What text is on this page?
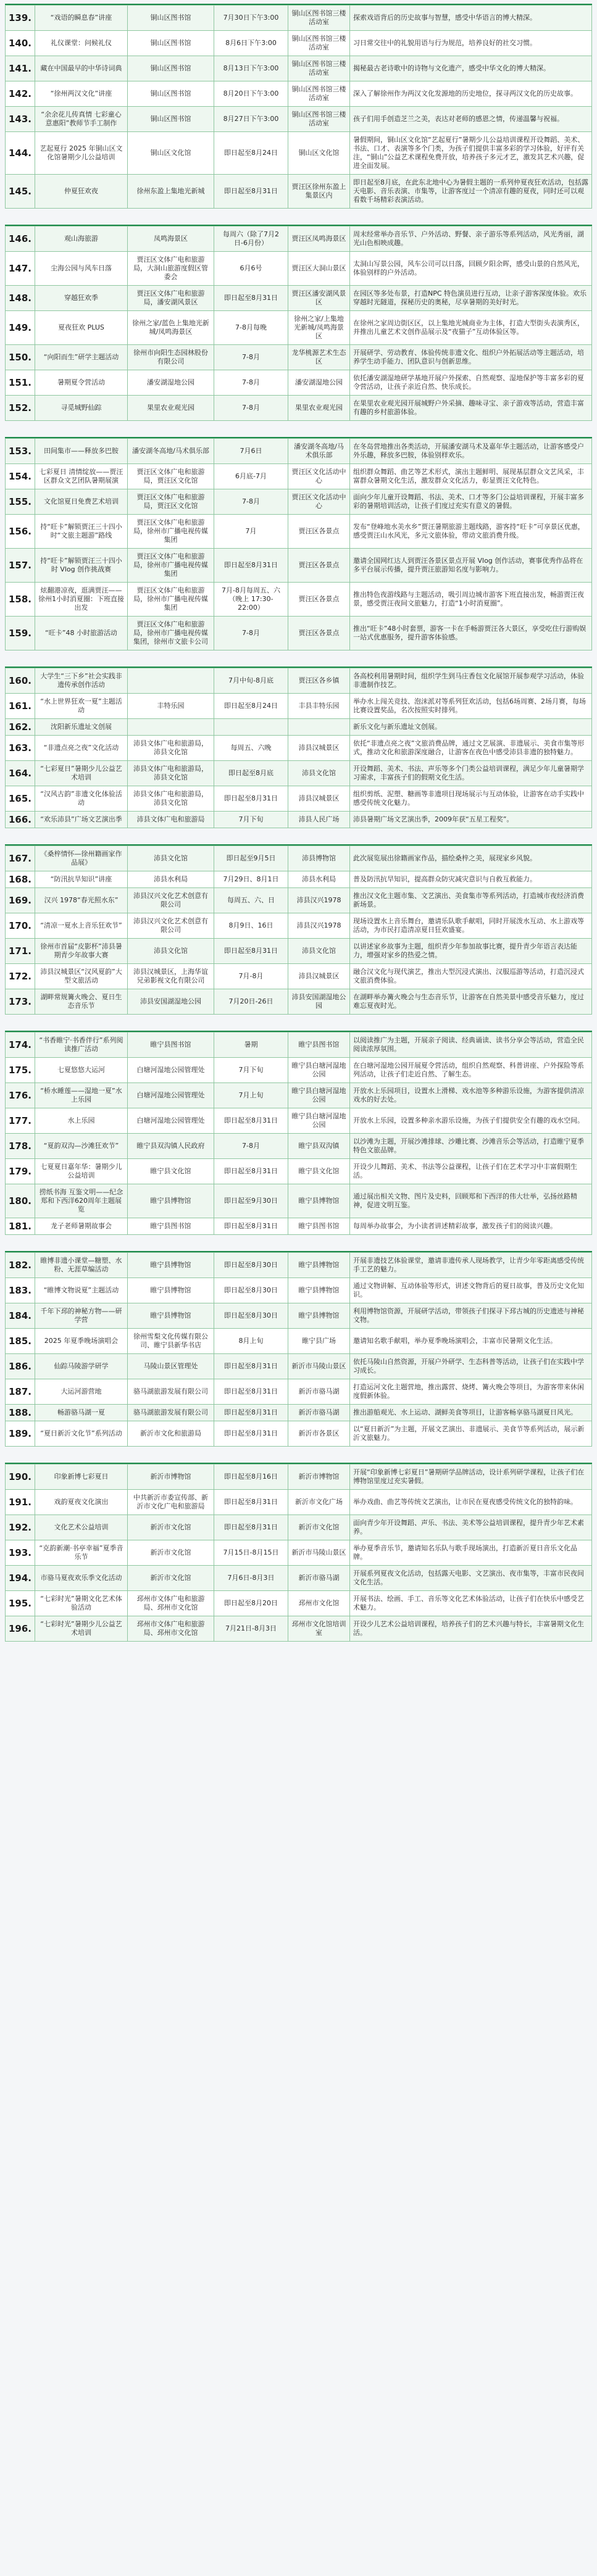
139.	“戏语的瞬息春”讲座	铜山区图书馆	7月30日下午3:00	铜山区图书馆三楼活动室	探索戏语背后的历史故事与智慧，感受中华语言的博大精深。
140.	礼仪课堂：问候礼仪	铜山区图书馆	8月6日下午3:00	铜山区图书馆三楼活动室	习日常交往中的礼貌用语与行为规范，培养良好的社交习惯。
141.	藏在中国最早的中华诗词典	铜山区图书馆	8月13日下午3:00	铜山区图书馆三楼活动室	揭秘最古老诗歌中的诗物与文化遗产，感受中华文化的博大精深。
142.	“徐州两汉文化”讲座	铜山区图书馆	8月20日下午3:00	铜山区图书馆三楼活动室	深入了解徐州作为两汉文化发源地的历史地位，探寻两汉文化的历史故事。
143.	“余余花儿传真情 七彩童心意惠阳”教师节手工制作	铜山区图书馆	8月27日下午3:00	铜山区图书馆三楼活动室	孩子们用手创造芝兰之美，表达对老师的感恩之情，传递温馨与祝福。
144.	艺起夏行 2025 年铜山区文化馆暑期少儿公益培训	铜山区文化馆	即日起至8月24日	铜山区文化馆	暑假期间，铜山区文化馆“艺起夏行”暑期少儿公益培训课程开设舞蹈、美术、书法、口才、表演等多个门类，为孩子们提供丰富多彩的学习体验，好评有关注，“铜山”公益艺术课程免费开放，培养孩子多元才艺，激发其艺术兴趣，促进全面发展。
145.	仲夏狂欢夜	徐州东盈上集地光新城	即日起至8月31日	贾汪区徐州东盈上集景区内	即日起至8月底，在此东北地中心为暑假主题的一系列仲夏夜狂欢活动，包括露天电影、音乐表演、市集等，让游客度过一个清凉有趣的夏夜，同时还可以观看数千场精彩表演活动。
146.	观山海旅游	凤鸣海景区	每周六（除了7月2日-6月份）	贾汪区凤鸣海景区	周末经常举办音乐节、户外活动、野餐、亲子游乐等系列活动，风光秀丽，湖光山色相映成趣。
147.	尘海公园与风车日落	贾汪区文体广电和旅游局，大洞山旅游度假区管委会	6月6号	贾汪区大洞山景区	太洞山写景公园，风车公司可以日落，回顾夕阳余晖，感受山景的自然风光，体验别样的户外活动。
148.	穿越狂欢季	贾汪区文体广电和旅游局，潘安湖风景区	即日起至8月31日	贾汪区潘安湖风景区	在园区等多处布景，打造NPC 特色演员进行互动，让亲子游客深度体验。欢乐穿越时光隧道，探秘历史的奥秘，尽享暑期的美好时光。
149.	夏夜狂欢 PLUS	徐州之家/蓝色上集地光新城/凤鸣海景区	7-8月每晚	徐州之家/上集地光新城/凤鸣海景区	在徐州之家周边街区区，以上集地光城商业为主体，打造大型街头表演秀区，并推出儿童艺术文创作品展示及“夜猫子”互动体验区等。
150.	“向阳而生”研学主题活动	徐州市向阳生态园林股份有限公司	7-8月	龙华桃源艺术生态区	开展研学、劳动教育、体验传统非遗文化、组织户外拓展活动等主题活动，培养学生动手能力、团队意识与创新思维。
151.	暑期夏令营活动	潘安湖湿地公园	7-8月	潘安湖湿地公园	依托潘安湖湿地研学基地开展户外探索、自然观察、湿地保护等丰富多彩的夏令营活动，让孩子亲近自然、快乐成长。
152.	寻觅城野仙踪	果里农业观光园	7-8月	果里农业观光园	在果里农业观光园开展城野户外采摘、趣味寻宝、亲子游戏等活动，营造丰富有趣的乡村旅游体验。
153.	田间集市——释放多巴胺	潘安湖冬高地/马术俱乐部	7月6日	潘安湖冬高地/马术俱乐部	在冬岛营地推出各类活动，开展潘安湖马术及嘉年华主题活动，让游客感受户外乐趣，释放多巴胺，体验别样欢乐。
154.	七彩夏日 清情绽放——贾汪区群众文艺团队暑期展演	贾汪区文体广电和旅游局，贾汪区文化馆	6月底-7月	贾汪区文化活动中心	组织群众舞蹈、曲艺等艺术形式，演出主题鲜明、展现基层群众文艺风采，丰富群众暑期文化生活，激发群众文化活力，彰显贾汪文化特色。
155.	文化馆夏日免费艺术培训	贾汪区文体广电和旅游局，贾汪区文化馆	7-8月	贾汪区文化活动中心	面向少年儿童开设舞蹈、书法、美术、口才等多门公益培训课程，开展丰富多彩的暑期培训活动，让孩子们度过充实有意义的暑假。
156.	持“旺卡”解锁贾汪三十四小时“文旅主题游”路线	贾汪区文体广电和旅游局，徐州市广播电视传媒集团	7月	贾汪区各景点	发布“登峰地水美水乡”贾汪暑期旅游主题线路，游客持“旺卡”可享景区优惠，感受贾汪山水风光，多元文旅体验，带动文旅消费升级。
157.	持“旺卡”解锁贾汪三十四小时 Vlog 创作挑战赛	贾汪区文体广电和旅游局，徐州市广播电视传媒集团	即日起至8月31日	贾汪区各景点	邀请全国网红达人到贾汪各景区景点开展 Vlog 创作活动，赛事优秀作品将在多平台展示传播，提升贾汪旅游知名度与影响力。
158.	炫翻港凉夜，逛满贾汪——徐州1小时消夏圈：下班直接出发	贾汪区文体广电和旅游局，徐州市广播电视传媒集团	7月-8月每周五、六（晚上 17:30-22:00）	贾汪区各景点	推出特色夜游线路与主题活动，吸引周边城市游客下班直接出发，畅游贾汪夜景，感受贾汪夜间文旅魅力，打造“1小时消夏圈”。
159.	“旺卡”48 小时旅游活动	贾汪区文体广电和旅游局，徐州市广播电视传媒集团，徐州市文旅卡公司	7-8月	贾汪区各景点	推出“旺卡”48小时套票，游客一卡在手畅游贾汪各大景区，享受吃住行游购娱一站式优惠服务，提升游客体验感。
160.	大学生“三下乡”社会实践非遗传承创作活动		7月中旬-8月底	贾汪区各乡镇	各高校利用暑期时间，组织学生到马庄香包文化展馆开展参观学习活动，体验非遗制作技艺。
161.	“水上世界狂欢一夏”主题活动	丰特乐园	即日起至8月24日	丰县丰特乐园	举办水上闯关竞技、泡沫派对等系列狂欢活动，包括6场周赛、2场月赛，每场比赛设置奖品，名次按照实时排列。
162.	沈阳新乐遗址文创展				新乐文化与新乐遗址文创展。
163.	“非遗点亮之夜”文化活动	沛县文体广电和旅游局，沛县文化馆	每周五、六晚	沛县汉城景区	依托“非遗点亮之夜”文旅消费品牌，通过文艺展演、非遗展示、美食市集等形式，推动文化和旅游深度融合，让游客在夜色中感受沛县非遗的独特魅力。
164.	“七彩夏日”暑期少儿公益艺术培训	沛县文体广电和旅游局，沛县文化馆	即日起至8月底	沛县文化馆	开设舞蹈、美术、书法、声乐等多个门类公益培训课程，满足少年儿童暑期学习需求，丰富孩子们的假期文化生活。
165.	“汉风古韵”非遗文化体验活动	沛县文体广电和旅游局，沛县文化馆	即日起至8月31日	沛县汉城景区	组织剪纸、泥塑、糖画等非遗项目现场展示与互动体验，让游客在动手实践中感受传统文化魅力。
166.	“欢乐沛县”广场文艺演出季	沛县文体广电和旅游局	7月下旬	沛县人民广场	沛县暑期广场文艺演出季，2009年获“五星工程奖”。
167.	《桑梓情怀—徐州籍画家作品展》	沛县文化馆	即日起至9月5日	沛县博物馆	此次展览展出徐籍画家作品，描绘桑梓之美，展现家乡风貌。
168.	“防汛抗旱知识”讲座	沛县水利局	7月29日、8月1日	沛县水利局	普及防汛抗旱知识，提高群众防灾减灾意识与自救互救能力。
169.	汉兴 1978“春光照水东”	沛县汉兴文化艺术创意有限公司	每周五、六、日	沛县汉兴1978	推出汉文化主题市集、文艺演出、美食集市等系列活动，打造城市夜经济消费新场景。
170.	“清凉一夏水上音乐狂欢节”	沛县汉兴文化艺术创意有限公司	8月9日、16日	沛县汉兴1978	现场设置水上音乐舞台，邀请乐队歌手献唱，同时开展泼水互动、水上游戏等活动，为市民打造清凉夏日狂欢盛宴。
171.	徐州市首届“皮影杯”沛县暑期青少年故事大赛	沛县文化馆	即日起至8月31日	沛县文化馆	以讲述家乡故事为主题，组织青少年参加故事比赛，提升青少年语言表达能力，增强对家乡的热爱之情。
172.	沛县汉城景区“汉风夏韵”大型文旅活动	沛县汉城景区，上海华谊兄弟影视文化有限公司	7月-8月	沛县汉城景区	融合汉文化与现代演艺，推出大型沉浸式演出、汉服巡游等活动，打造沉浸式文旅消费体验。
173.	湖畔常规篝火晚会、夏日生态音乐节	沛县安国湖湿地公园	7月20日-26日	沛县安国湖湿地公园	在湖畔举办篝火晚会与生态音乐节，让游客在自然美景中感受音乐魅力，度过难忘夏夜时光。
174.	“书香睢宁·书香伴行”系列阅读推广活动	睢宁县图书馆	暑期	睢宁县图书馆	以阅读推广为主题，开展亲子阅读、经典诵读、读书分享会等活动，营造全民阅读浓厚氛围。
175.	七夏悠悠大运河	白塘河湿地公园管理处	7月下旬	睢宁县白塘河湿地公园	在白塘河湿地公园开展夏令营活动，组织自然观察、科普讲座、户外探险等系列活动，让孩子们走近自然、了解生态。
176.	“桥水睡莲——湿地一夏”水上乐园	白塘河湿地公园管理处	7月上旬	睢宁县白塘河湿地公园	开放水上乐园项目，设置水上滑梯、戏水池等多种游乐设施，为游客提供清凉戏水的好去处。
177.	水上乐园	白塘河湿地公园管理处	即日起至8月31日	睢宁县白塘河湿地公园	开放水上乐园，设置多种亲水游乐设施，为孩子们提供安全有趣的戏水空间。
178.	“夏韵双沟—沙滩狂欢节”	睢宁县双沟镇人民政府	7-8月	睢宁县双沟镇	以沙滩为主题，开展沙滩排球、沙雕比赛、沙滩音乐会等活动，打造睢宁夏季特色文旅品牌。
179.	七夏夏日嘉年华：暑期少儿公益培训	睢宁县文化馆	即日起至8月31日	睢宁县文化馆	开设少儿舞蹈、美术、书法等公益课程，让孩子们在艺术学习中丰富假期生活。
180.	捞纸书海 互鉴文明——纪念郑和下西洋620周年主题展览	睢宁县博物馆	即日起至9月30日	睢宁县博物馆	通过展出相关文物、图片及史料，回顾郑和下西洋的伟大壮举，弘扬丝路精神，促进文明互鉴。
181.	龙子老师暑期故事会	睢宁县图书馆	即日起至8月31日	睢宁县图书馆	每周举办故事会，为小读者讲述精彩故事，激发孩子们的阅读兴趣。
182.	睢博非遗小课堂—糖塑、水粉、无涯草编活动	睢宁县博物馆	即日起至8月30日	睢宁县博物馆	开展非遗技艺体验课堂，邀请非遗传承人现场教学，让青少年零距离感受传统手工艺的魅力。
183.	“睢博文物说夏”主题活动	睢宁县博物馆	即日起至8月30日	睢宁县博物馆	通过文物讲解、互动体验等形式，讲述文物背后的夏日故事，普及历史文化知识。
184.	千年下邳的神秘方物——研学营	睢宁县博物馆	即日起至8月30日	睢宁县博物馆	利用博物馆资源，开展研学活动，带领孩子们探寻下邳古城的历史遗迹与神秘文物。
185.	2025 年夏季晚场演唱会	徐州雪梨文化传媒有限公司、睢宁县新华书店	8月上旬	睢宁县广场	邀请知名歌手献唱，举办夏季晚场演唱会，丰富市民暑期文化生活。
186.	仙踪马陵游学研学	马陵山景区管理处	即日起至8月31日	新沂市马陵山景区	依托马陵山自然资源，开展户外研学、生态科普等活动，让孩子们在实践中学习成长。
187.	大运河游营地	骆马湖旅游发展有限公司	即日起至8月31日	新沂市骆马湖	打造运河文化主题营地，推出露营、烧烤、篝火晚会等项目，为游客带来休闲度假新体验。
188.	畅游骆马湖一夏	骆马湖旅游发展有限公司	即日起至8月31日	新沂市骆马湖	推出游船观光、水上运动、湖鲜美食等项目，让游客畅享骆马湖夏日风光。
189.	“夏日新沂文化节”系列活动	新沂市文化和旅游局	即日起至8月31日	新沂市各景区	以“夏日新沂”为主题，开展文艺演出、非遗展示、美食节等系列活动，展示新沂文旅魅力。
190.	印象新博七彩夏日	新沂市博物馆	即日起至8月16日	新沂市博物馆	开展“印象新博七彩夏日”暑期研学品牌活动，设计系列研学课程，让孩子们在博物馆里度过充实暑假。
191.	戏韵夏夜文化演出	中共新沂市委宣传部、新沂市文化广电和旅游局	即日起至8月31日	新沂市文化广场	举办戏曲、曲艺等传统文艺演出，让市民在夏夜感受传统文化的独特韵味。
192.	文化艺术公益培训	新沂市文化馆	即日起至8月31日	新沂市文化馆	面向青少年开设舞蹈、声乐、书法、美术等公益培训课程，提升青少年艺术素养。
193.	“克韵新潮·书亭幸福”夏季音乐节	新沂市文化馆	7月15日-8月15日	新沂市马陵山景区	举办夏季音乐节，邀请知名乐队与歌手现场演出，打造新沂夏日音乐文化品牌。
194.	市骆马夏夜欢乐季文化活动	新沂市文化馆	7月6日-8月3日	新沂市骆马湖	开展系列夏夜文化活动，包括露天电影、文艺演出、夜市集等，丰富市民夜间文化生活。
195.	“七彩时光”暑期文化艺术体验活动	邳州市文体广电和旅游局、邳州市文化馆	即日起至8月20日	邳州市文化馆	开展书法、绘画、手工、音乐等文化艺术体验活动，让孩子们在快乐中感受艺术魅力。
196.	“七彩时光”暑期少儿公益艺术培训	邳州市文体广电和旅游局、邳州市文化馆	7月21日-8月3日	邳州市文化馆培训室	开设少儿艺术公益培训课程，培养孩子们的艺术兴趣与特长，丰富暑期文化生活。
